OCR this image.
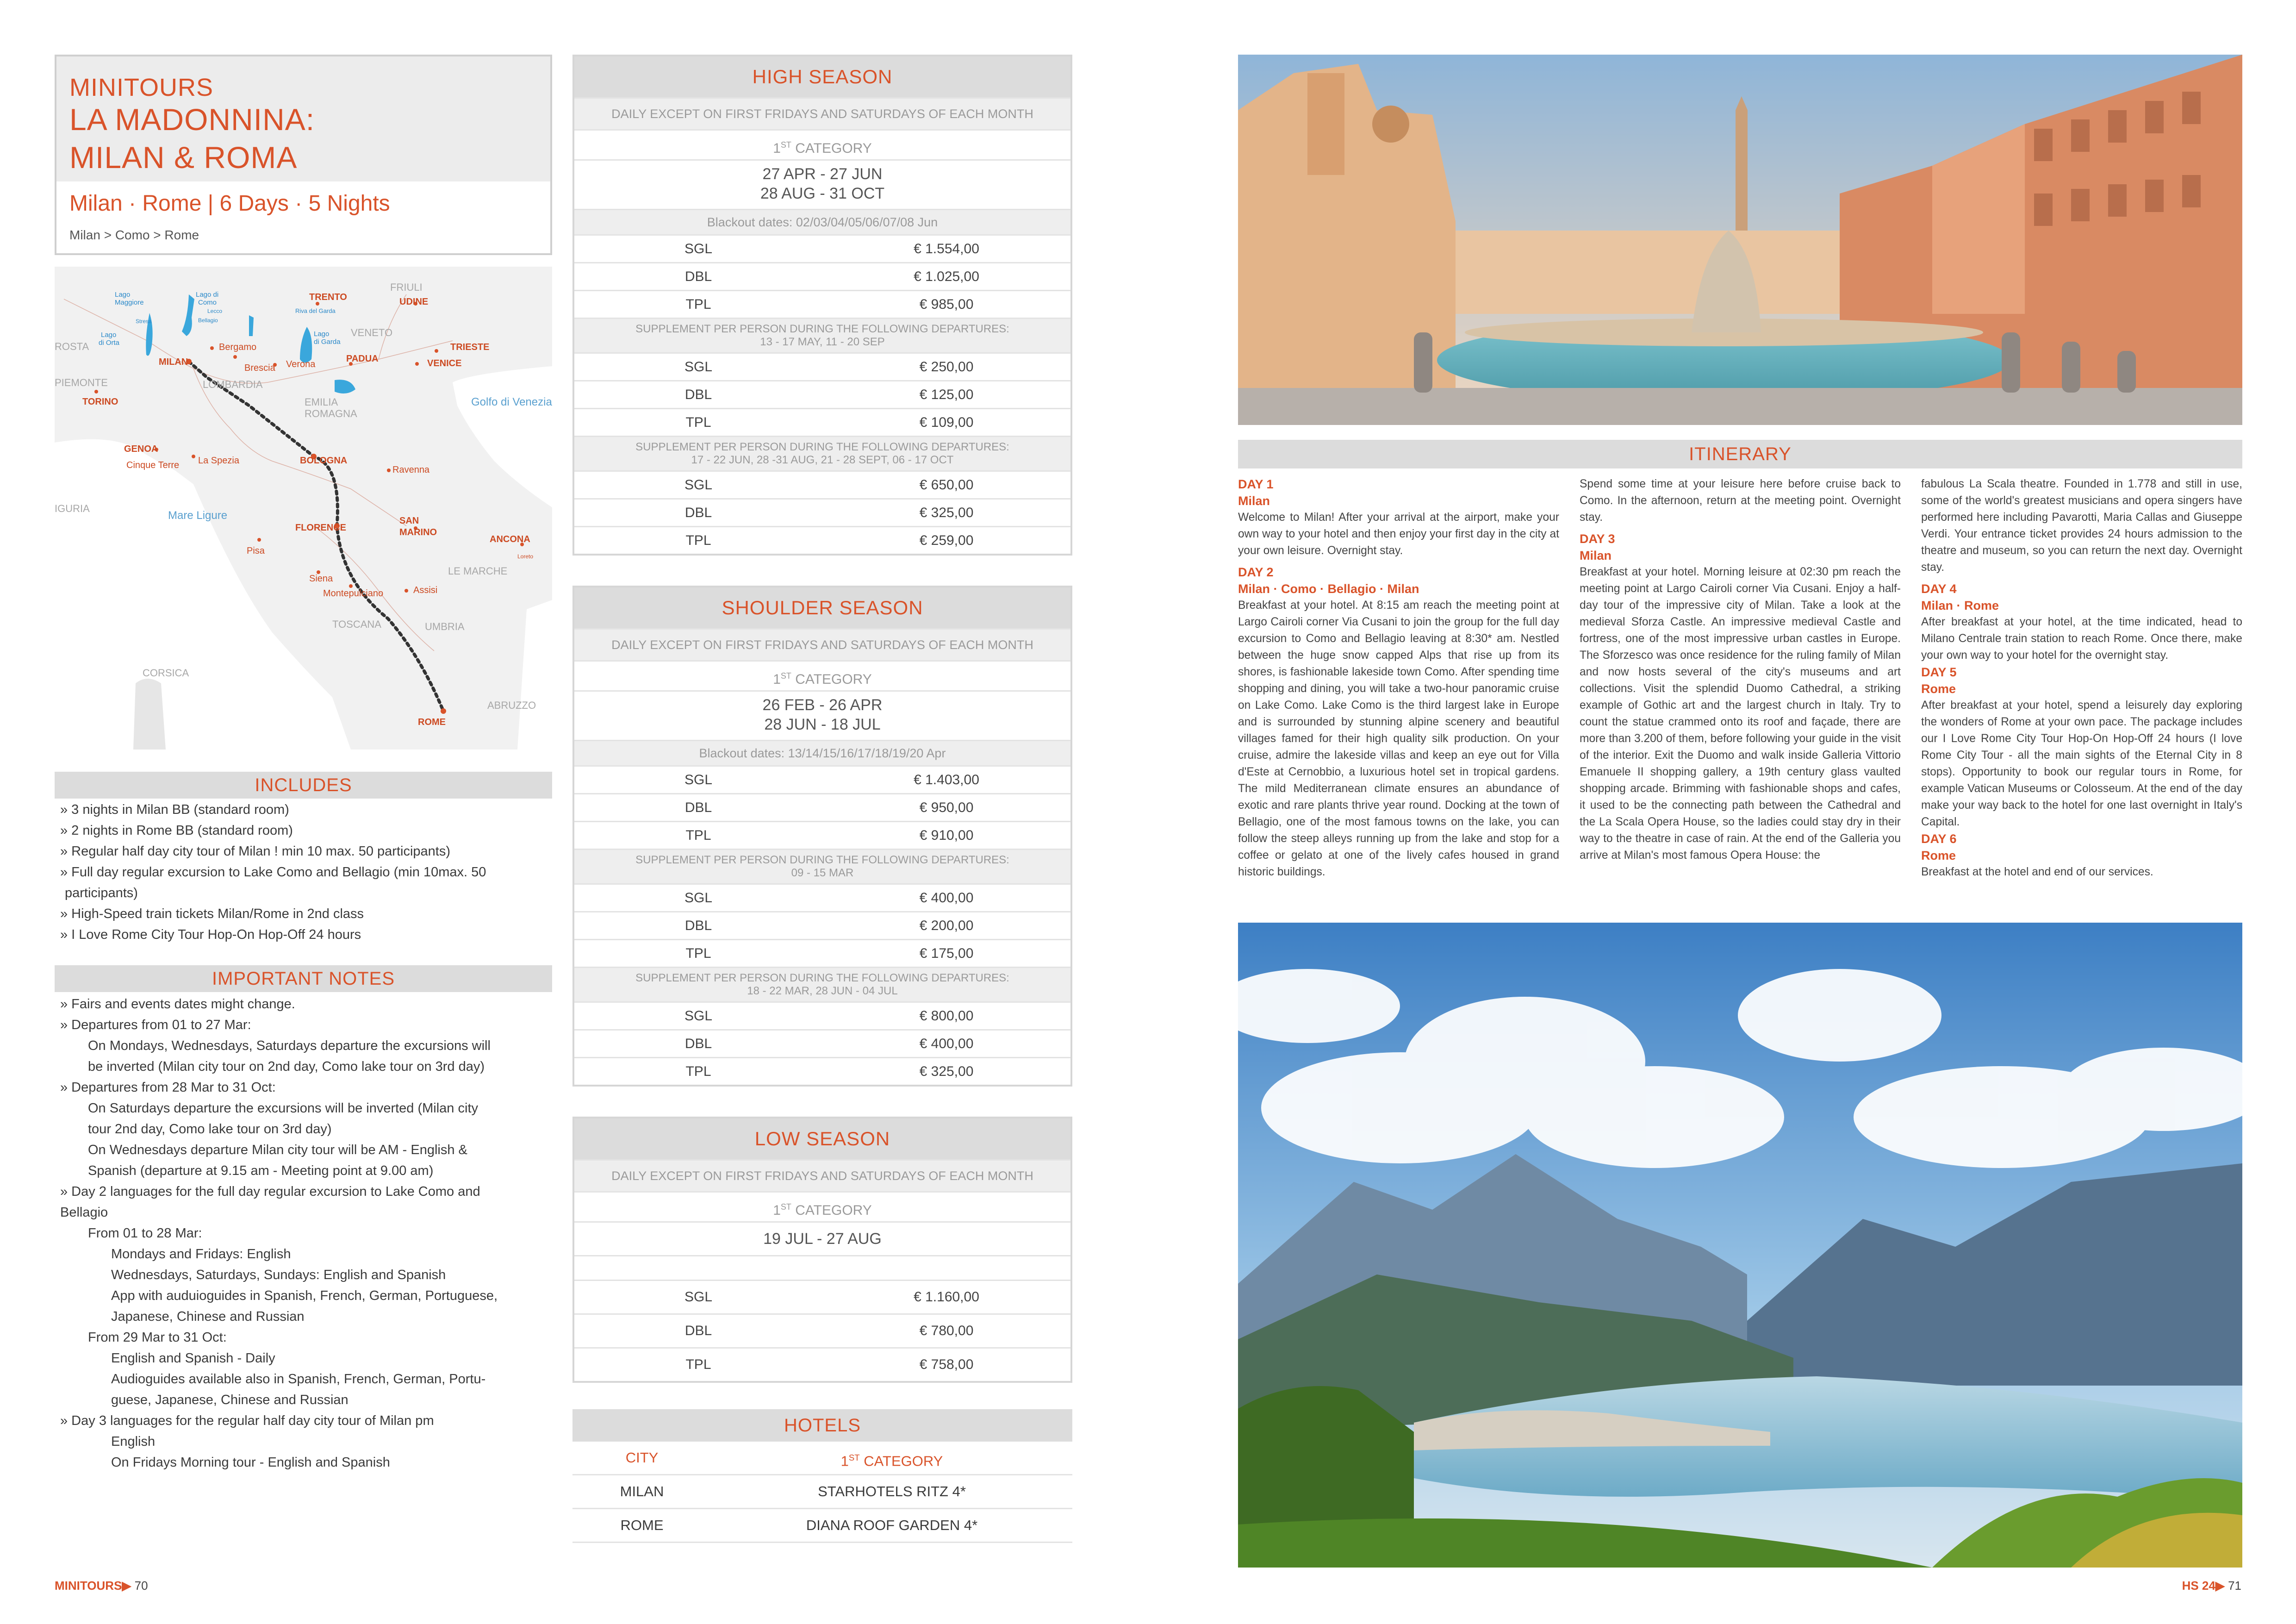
MINITOURS
LA MADONNINA:
MILAN & ROMA
Milan · Rome | 6 Days · 5 Nights
Milan > Como > Rome
Lago
Maggiore
Lago di
Como
Lago
di Orta
Lago
di Garda
Lecco
Bellagio
Stresa
Riva del Garda
TRENTO
FRIULI
UDINE
VENETO
TRIESTE
VENICE
Bergamo
Brescia Verona
PADUA
MILAN
ROSTA
PIEMONTE
TORINO
LOMBARDIA
EMILIA
ROMAGNA
Golfo di Venezia
BOLOGNA
Ravenna
GENOA
Cinque Terre La Spezia
IGURIA
Mare Ligure
FLORENCE
SAN
MARINO
ANCONA
Pisa
Siena
Montepulciano	Assisi
LE MARCHE
TOSCANA	UMBRIA
CORSICA
ROME
ABRUZZO
Loreto
INCLUDES
» 3 nights in Milan BB (standard room)
» 2 nights in Rome BB (standard room)
» Regular half day city tour of Milan ! min 10 max. 50 participants)
» Full day regular excursion to Lake Como and Bellagio (min 10max. 50
participants)
» High-Speed train tickets Milan/Rome in 2nd class
» I Love Rome City Tour Hop-On Hop-Off 24 hours
IMPORTANT NOTES
» Fairs and events dates might change.
» Departures from 01 to 27 Mar:
On Mondays, Wednesdays, Saturdays departure the excursions will
be inverted (Milan city tour on 2nd day, Como lake tour on 3rd day)
» Departures from 28 Mar to 31 Oct:
On Saturdays departure the excursions will be inverted (Milan city
tour 2nd day, Como lake tour on 3rd day)
On Wednesdays departure Milan city tour will be AM - English &
Spanish (departure at 9.15 am - Meeting point at 9.00 am)
» Day 2 languages for the full day regular excursion to Lake Como and
Bellagio
From 01 to 28 Mar:
Mondays and Fridays: English
Wednesdays, Saturdays, Sundays: English and Spanish
App with auduioguides in Spanish, French, German, Portuguese,
Japanese, Chinese and Russian
From 29 Mar to 31 Oct:
English and Spanish - Daily
Audioguides available also in Spanish, French, German, Portu-
guese, Japanese, Chinese and Russian
» Day 3 languages for the regular half day city tour of Milan pm
English
On Fridays Morning tour - English and Spanish
HIGH SEASON
DAILY EXCEPT ON FIRST FRIDAYS AND SATURDAYS OF EACH MONTH
1ST CATEGORY
27 APR - 27 JUN
28 AUG - 31 OCT
Blackout dates: 02/03/04/05/06/07/08 Jun
SGL	€ 1.554,00
DBL	€ 1.025,00
TPL	€ 985,00
SUPPLEMENT PER PERSON DURING THE FOLLOWING DEPARTURES:
13 - 17 MAY, 11 - 20 SEP
SGL	€ 250,00
DBL	€ 125,00
TPL	€ 109,00
SUPPLEMENT PER PERSON DURING THE FOLLOWING DEPARTURES:
17 - 22 JUN, 28 -31 AUG, 21 - 28 SEPT, 06 - 17 OCT
SGL	€ 650,00
DBL	€ 325,00
TPL	€ 259,00
SHOULDER SEASON
DAILY EXCEPT ON FIRST FRIDAYS AND SATURDAYS OF EACH MONTH
1ST CATEGORY
26 FEB - 26 APR
28 JUN - 18 JUL
Blackout dates: 13/14/15/16/17/18/19/20 Apr
SGL	€ 1.403,00
DBL	€ 950,00
TPL	€ 910,00
SUPPLEMENT PER PERSON DURING THE FOLLOWING DEPARTURES:
09 - 15 MAR
SGL	€ 400,00
DBL	€ 200,00
TPL	€ 175,00
SUPPLEMENT PER PERSON DURING THE FOLLOWING DEPARTURES:
18 - 22 MAR, 28 JUN - 04 JUL
SGL	€ 800,00
DBL	€ 400,00
TPL	€ 325,00
LOW SEASON
DAILY EXCEPT ON FIRST FRIDAYS AND SATURDAYS OF EACH MONTH
1ST CATEGORY
19 JUL - 27 AUG
SGL	€ 1.160,00
DBL	€ 780,00
TPL	€ 758,00
HOTELS
CITY	1ST CATEGORY
MILAN	STARHOTELS RITZ 4*
ROME	DIANA ROOF GARDEN 4*
MINITOURS▶ 70
ITINERARY
DAY 1
Milan

Welcome to Milan! After your arrival at the airport, make your own way to your hotel and then enjoy your first day in the city at your own leisure. Overnight stay.

DAY 2
Milan · Como · Bellagio · Milan

Breakfast at your hotel. At 8:15 am reach the meeting point at Largo Cairoli corner Via Cusani to join the group for the full day excursion to Como and Bellagio leaving at 8:30* am. Nestled between the huge snow capped Alps that rise up from its shores, is fashionable lakeside town Como. After spending time shopping and dining, you will take a two-hour panoramic cruise on Lake Como. Lake Como is the third largest lake in Europe and is surrounded by stunning alpine scenery and beautiful villages famed for their high quality silk production. On your cruise, admire the lakeside villas and keep an eye out for Villa d'Este at Cernobbio, a luxurious hotel set in tropical gardens. The mild Mediterranean climate ensures an abundance of exotic and rare plants thrive year round. Docking at the town of Bellagio, one of the most famous towns on the lake, you can follow the steep alleys running up from the lake and stop for a coffee or gelato at one of the lively cafes housed in grand historic buildings.

Spend some time at your leisure here before cruise back to Como. In the afternoon, return at the meeting point. Overnight stay.

DAY 3
Milan

Breakfast at your hotel. Morning leisure at 02:30 pm reach the meeting point at Largo Cairoli corner Via Cusani. Enjoy a half-day tour of the impressive city of Milan. Take a look at the medieval Sforza Castle. An impressive medieval Castle and fortress, one of the most impressive urban castles in Europe. The Sforzesco was once residence for the ruling family of Milan and now hosts several of the city's museums and art collections. Visit the splendid Duomo Cathedral, a striking example of Gothic art and the largest church in Italy. Try to count the statue crammed onto its roof and façade, there are more than 3.200 of them, before following your guide in the visit of the interior. Exit the Duomo and walk inside Galleria Vittorio Emanuele II shopping gallery, a 19th century glass vaulted shopping arcade. Brimming with fashionable shops and cafes, it used to be the connecting path between the Cathedral and the La Scala Opera House, so the ladies could stay dry in their way to the theatre in case of rain. At the end of the Galleria you arrive at Milan's most famous Opera House: the

fabulous La Scala theatre. Founded in 1.778 and still in use, some of the world's greatest musicians and opera singers have performed here including Pavarotti, Maria Callas and Giuseppe Verdi. Your entrance ticket provides 24 hours admission to the theatre and museum, so you can return the next day. Overnight stay.

DAY 4
Milan · Rome

After breakfast at your hotel, at the time indicated, head to Milano Centrale train station to reach Rome. Once there, make your own way to your hotel for the overnight stay.

DAY 5
Rome

After breakfast at your hotel, spend a leisurely day exploring the wonders of Rome at your own pace. The package includes our I Love Rome City Tour Hop-On Hop-Off 24 hours (I love Rome City Tour - all the main sights of the Eternal City in 8 stops). Opportunity to book our regular tours in Rome, for example Vatican Museums or Colosseum. At the end of the day make your way back to the hotel for one last overnight in Italy's Capital.

DAY 6
Rome

Breakfast at the hotel and end of our services.

HS 24▶ 71
